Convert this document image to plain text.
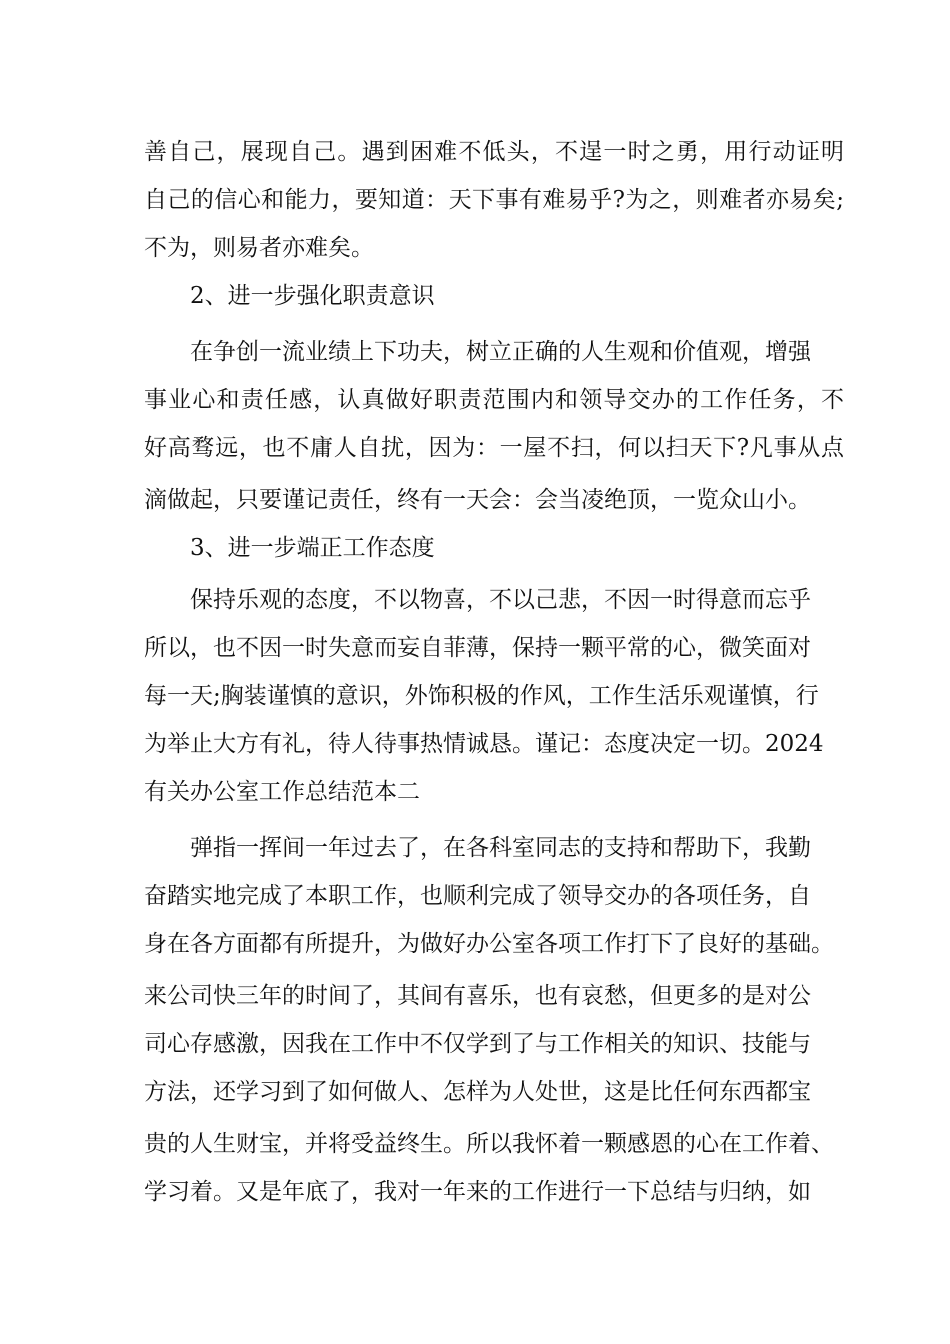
善自己，展现自己。遇到困难不低头，不逞一时之勇，用行动证明
自己的信心和能力，要知道：天下事有难易乎?为之，则难者亦易矣;
不为，则易者亦难矣。
2、进一步强化职责意识
在争创一流业绩上下功夫，树立正确的人生观和价值观，增强
事业心和责任感，认真做好职责范围内和领导交办的工作任务，不
好高骛远，也不庸人自扰，因为：一屋不扫，何以扫天下?凡事从点
滴做起，只要谨记责任，终有一天会：会当凌绝顶，一览众山小。
3、进一步端正工作态度
保持乐观的态度，不以物喜，不以己悲，不因一时得意而忘乎
所以，也不因一时失意而妄自菲薄，保持一颗平常的心，微笑面对
每一天;胸装谨慎的意识，外饰积极的作风，工作生活乐观谨慎，行
为举止大方有礼，待人待事热情诚恳。谨记：态度决定一切。2024
有关办公室工作总结范本二
弹指一挥间一年过去了，在各科室同志的支持和帮助下，我勤
奋踏实地完成了本职工作，也顺利完成了领导交办的各项任务，自
身在各方面都有所提升，为做好办公室各项工作打下了良好的基础。
来公司快三年的时间了，其间有喜乐，也有哀愁，但更多的是对公
司心存感激，因我在工作中不仅学到了与工作相关的知识、技能与
方法，还学习到了如何做人、怎样为人处世，这是比任何东西都宝
贵的人生财宝，并将受益终生。所以我怀着一颗感恩的心在工作着、
学习着。又是年底了，我对一年来的工作进行一下总结与归纳，如
